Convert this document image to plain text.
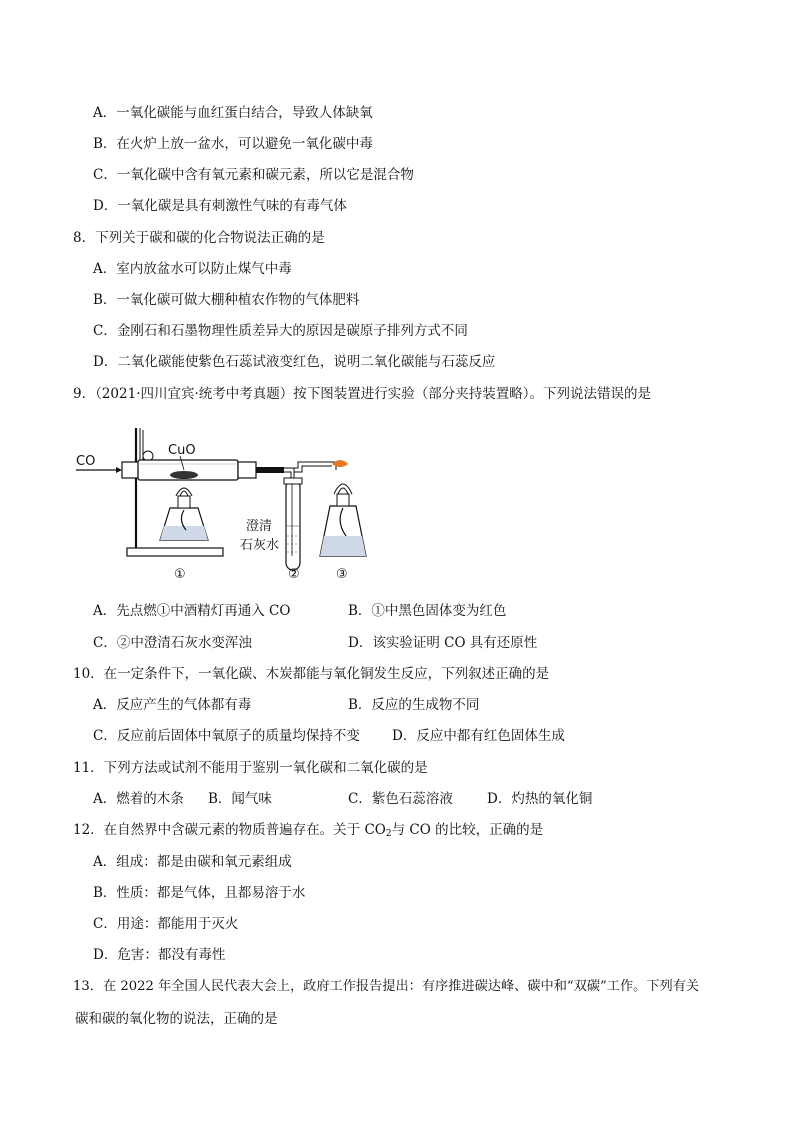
A．一氧化碳能与血红蛋白结合，导致人体缺氧
B．在火炉上放一盆水，可以避免一氧化碳中毒
C．一氧化碳中含有氧元素和碳元素，所以它是混合物
D．一氧化碳是具有刺激性气味的有毒气体
8．下列关于碳和碳的化合物说法正确的是
A．室内放盆水可以防止煤气中毒
B．一氧化碳可做大棚种植农作物的气体肥料
C．金刚石和石墨物理性质差异大的原因是碳原子排列方式不同
D．二氧化碳能使紫色石蕊试液变红色，说明二氧化碳能与石蕊反应
9．（2021·四川宜宾·统考中考真题）按下图装置进行实验（部分夹持装置略）。下列说法错误的是
CO
CuO
澄清
石灰水
①	②	③
A．先点燃①中酒精灯再通入 CO	B．①中黑色固体变为红色
C．②中澄清石灰水变浑浊	D．该实验证明 CO 具有还原性
10．在一定条件下，一氧化碳、木炭都能与氧化铜发生反应，下列叙述正确的是
A．反应产生的气体都有毒	B．反应的生成物不同
C．反应前后固体中氧原子的质量均保持不变 D．反应中都有红色固体生成
11．下列方法或试剂不能用于鉴别一氧化碳和二氧化碳的是
A．燃着的木条 B．闻气味	C．紫色石蕊溶液	D．灼热的氧化铜
12．在自然界中含碳元素的物质普遍存在。关于 $CO_2$与 CO 的比较，正确的是
A．组成：都是由碳和氧元素组成
B．性质：都是气体，且都易溶于水
C．用途：都能用于灭火
D．危害：都没有毒性
13．在 2022 年全国人民代表大会上，政府工作报告提出：有序推进碳达峰、碳中和“双碳”工作。下列有关
碳和碳的氧化物的说法，正确的是
